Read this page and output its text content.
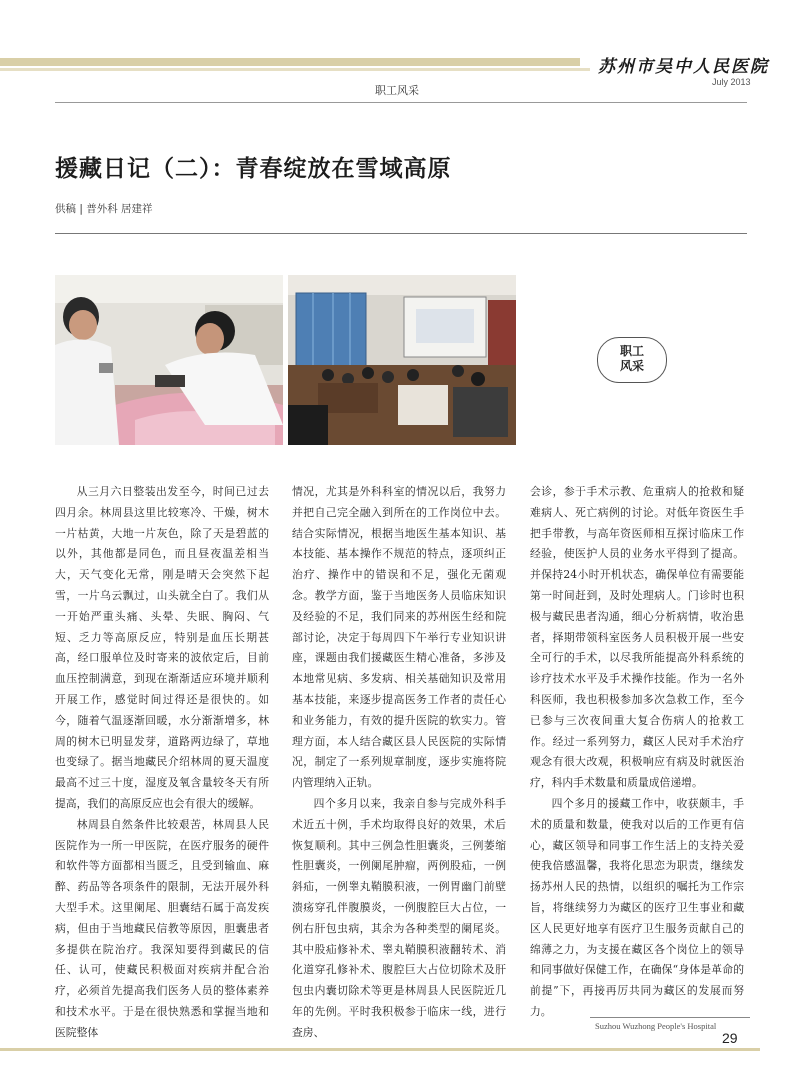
苏州市吴中人民医院
July 2013
职工风采
援藏日记（二）：青春绽放在雪域高原
供稿 | 普外科 居建祥
职工
风采

从三月六日整装出发至今，时间已过去四月余。林周县这里比较寒冷、干燥，树木一片枯黄，大地一片灰色，除了天是碧蓝的以外，其他都是同色，而且昼夜温差相当大，天气变化无常，刚是晴天会突然下起雪，一片乌云飘过，山头就全白了。我们从一开始严重头痛、头晕、失眠、胸闷、气短、乏力等高原反应，特别是血压长期甚高，经口服单位及时寄来的波依定后，目前血压控制满意，到现在渐渐适应环境并顺利开展工作，感觉时间过得还是很快的。如今，随着气温逐渐回暖，水分渐渐增多，林周的树木已明显发芽，道路两边绿了，草地也变绿了。据当地藏民介绍林周的夏天温度最高不过三十度，湿度及氧含量较冬天有所提高，我们的高原反应也会有很大的缓解。

林周县自然条件比较艰苦，林周县人民医院作为一所一甲医院，在医疗服务的硬件和软件等方面都相当匮乏，且受到输血、麻醉、药品等各项条件的限制，无法开展外科大型手术。这里阑尾、胆囊结石属于高发疾病，但由于当地藏民信教等原因，胆囊患者多提供在院治疗。我深知要得到藏民的信任、认可，使藏民积极面对疾病并配合治疗，必须首先提高我们医务人员的整体素养和技术水平。于是在很快熟悉和掌握当地和医院整体

情况，尤其是外科科室的情况以后，我努力并把自己完全融入到所在的工作岗位中去。结合实际情况，根据当地医生基本知识、基本技能、基本操作不规范的特点，逐项纠正治疗、操作中的错误和不足，强化无菌观念。教学方面，鉴于当地医务人员临床知识及经验的不足，我们同来的苏州医生经和院部讨论，决定于每周四下午举行专业知识讲座，课题由我们援藏医生精心准备，多涉及本地常见病、多发病、相关基础知识及常用基本技能，来逐步提高医务工作者的责任心和业务能力，有效的提升医院的软实力。管理方面，本人结合藏区县人民医院的实际情况，制定了一系列规章制度，逐步实施将院内管理纳入正轨。

四个多月以来，我亲自参与完成外科手术近五十例，手术均取得良好的效果，术后恢复顺利。其中三例急性胆囊炎，三例萎缩性胆囊炎，一例阑尾肿瘤，两例股疝，一例斜疝，一例睾丸鞘膜积液，一例胃幽门前壁溃疡穿孔伴腹膜炎，一例腹腔巨大占位，一例右肝包虫病，其余为各种类型的阑尾炎。其中股疝修补术、睾丸鞘膜积液翻转术、消化道穿孔修补术、腹腔巨大占位切除术及肝包虫内囊切除术等更是林周县人民医院近几年的先例。平时我积极参于临床一线，进行查房、

会诊，参于手术示教、危重病人的抢救和疑难病人、死亡病例的讨论。对低年资医生手把手带教，与高年资医师相互探讨临床工作经验，使医护人员的业务水平得到了提高。并保持24小时开机状态，确保单位有需要能第一时间赶到，及时处理病人。门诊时也积极与藏民患者沟通，细心分析病情，收治患者，择期带领科室医务人员积极开展一些安全可行的手术，以尽我所能提高外科系统的诊疗技术水平及手术操作技能。作为一名外科医师，我也积极参加多次急救工作，至今已参与三次夜间重大复合伤病人的抢救工作。经过一系列努力，藏区人民对手术治疗观念有很大改观，积极响应有病及时就医治疗，科内手术数量和质量成倍递增。

四个多月的援藏工作中，收获颇丰，手术的质量和数量，使我对以后的工作更有信心，藏区领导和同事工作生活上的支持关爱使我倍感温馨，我将化思恋为职责，继续发扬苏州人民的热情，以组织的嘱托为工作宗旨，将继续努力为藏区的医疗卫生事业和藏区人民更好地享有医疗卫生服务贡献自己的绵薄之力，为支援在藏区各个岗位上的领导和同事做好保健工作，在确保“身体是革命的前提”下，再接再厉共同为藏区的发展而努力。

Suzhou Wuzhong People's Hospital
29
